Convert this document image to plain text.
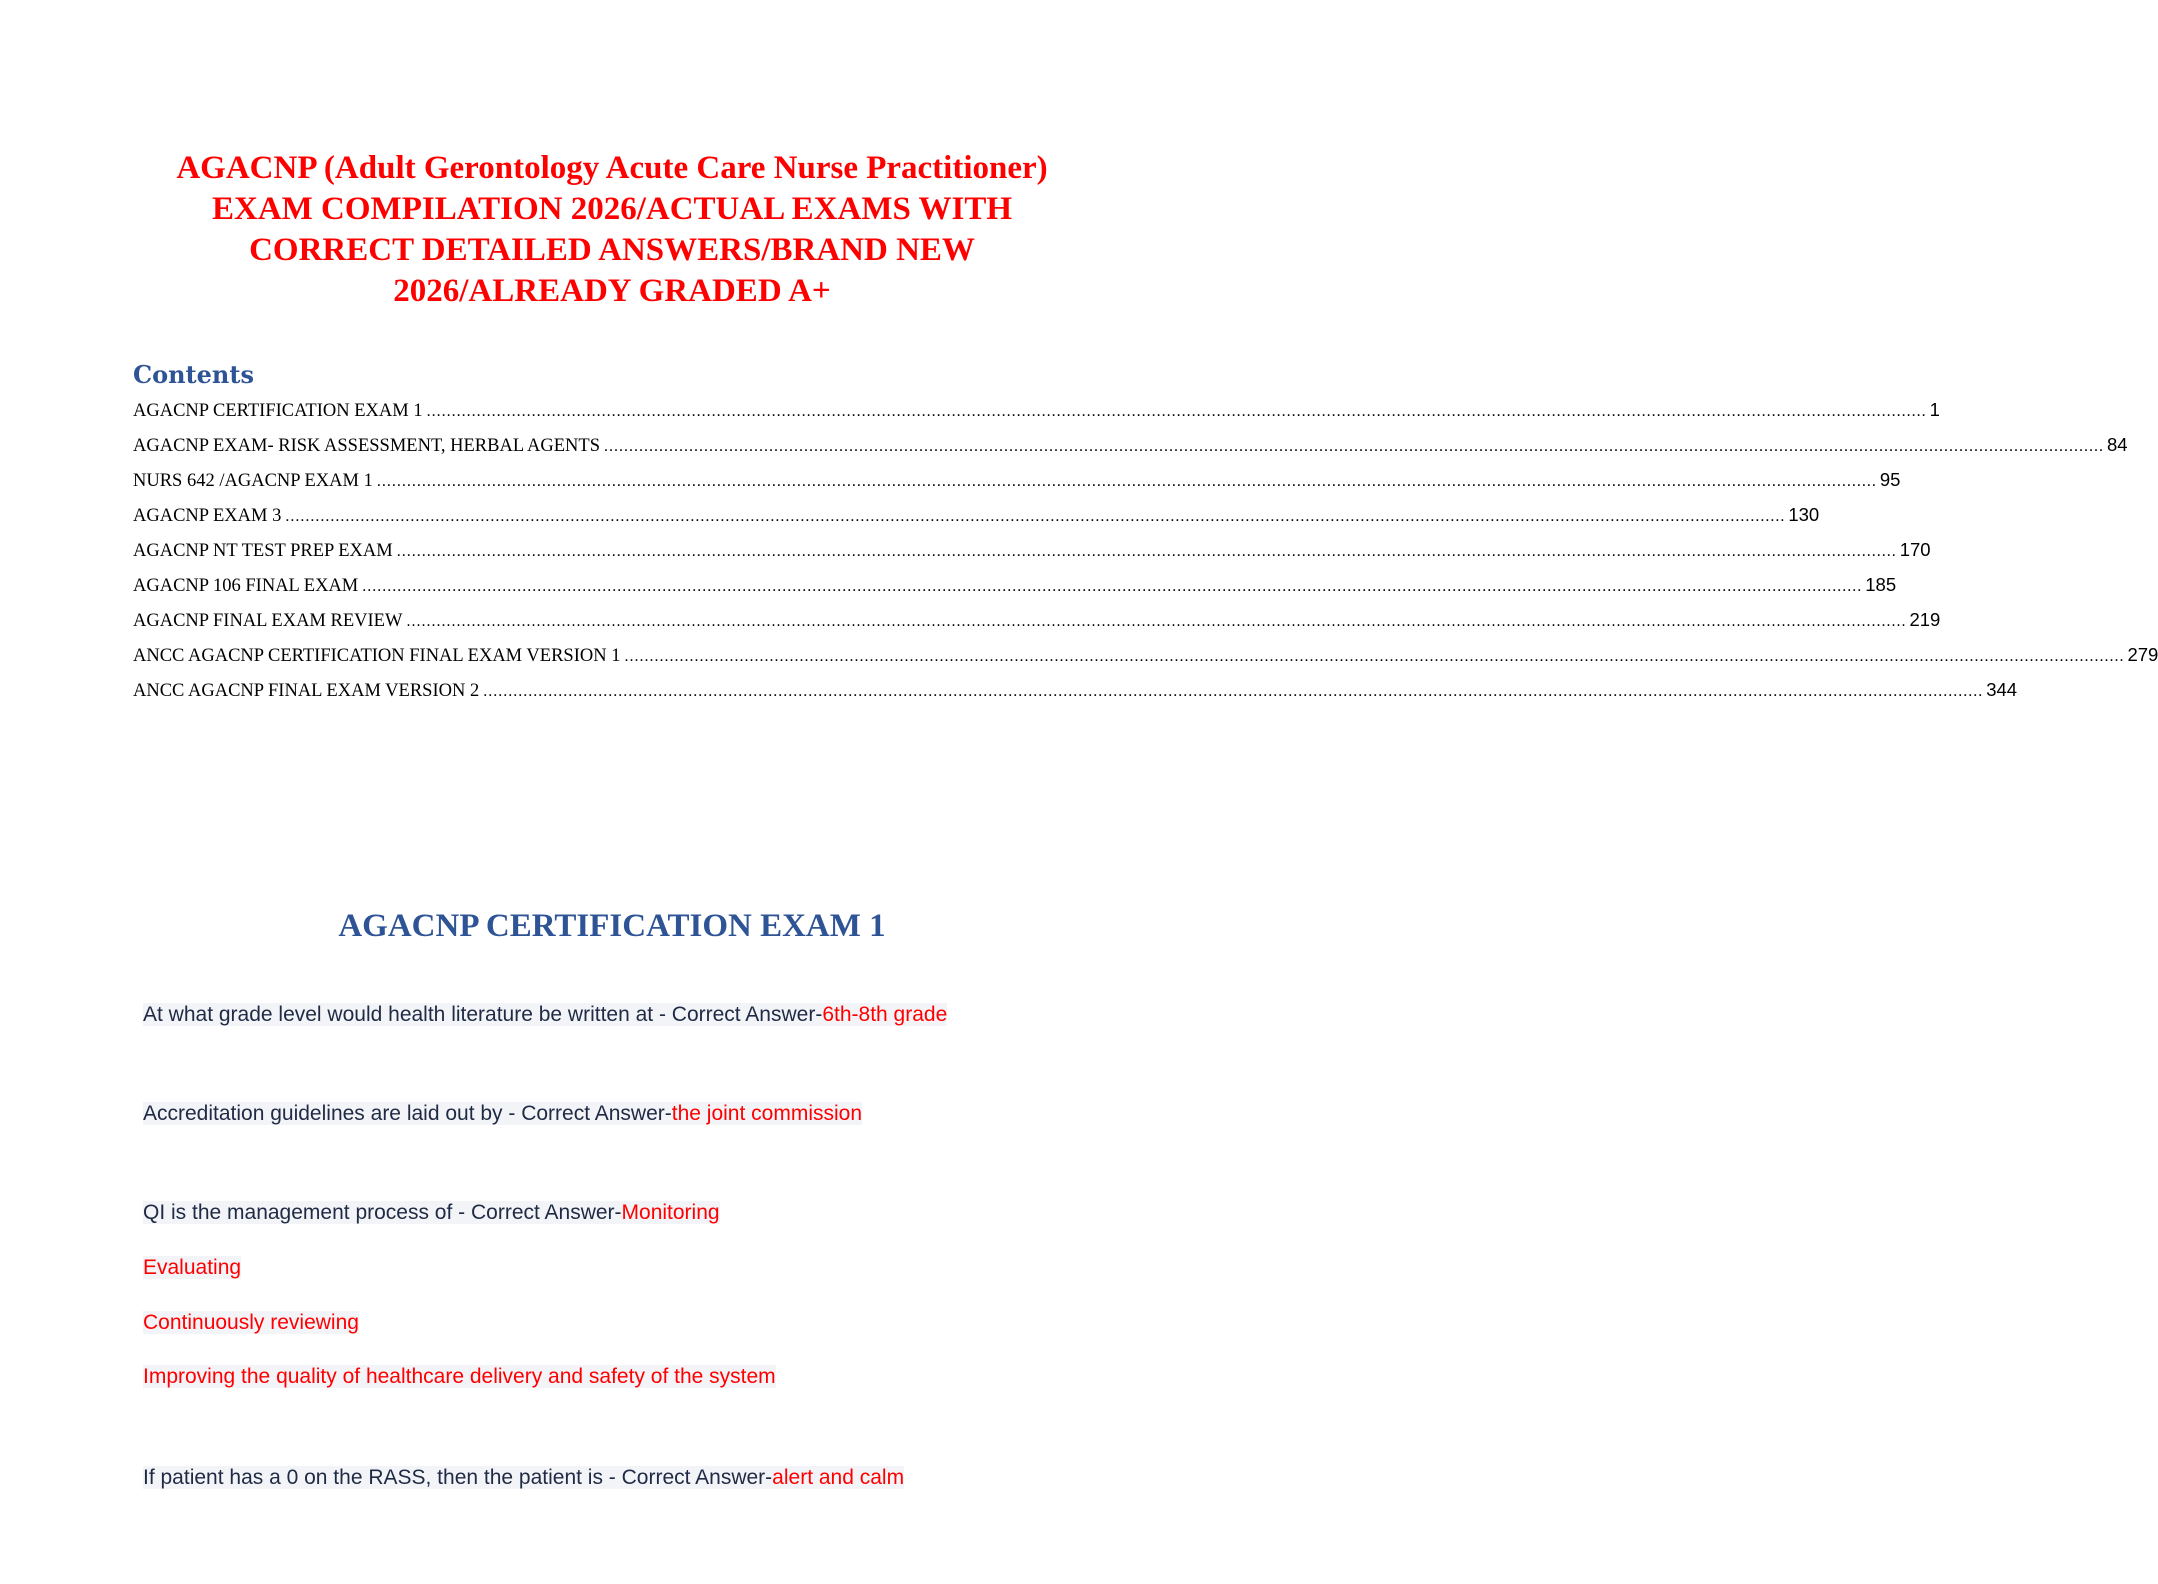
AGACNP (Adult Gerontology Acute Care Nurse Practitioner)
EXAM COMPILATION 2026/ACTUAL EXAMS WITH
CORRECT DETAILED ANSWERS/BRAND NEW
2026/ALREADY GRADED A+
Contents
AGACNP CERTIFICATION EXAM 1 ............................................................................................................................................................................................................................................................................................................ 1
AGACNP EXAM- RISK ASSESSMENT, HERBAL AGENTS ............................................................................................................................................................................................................................................................................................................ 84
NURS 642 /AGACNP EXAM 1 ............................................................................................................................................................................................................................................................................................................ 95
AGACNP EXAM 3 ............................................................................................................................................................................................................................................................................................................ 130
AGACNP NT TEST PREP EXAM ............................................................................................................................................................................................................................................................................................................ 170
AGACNP 106 FINAL EXAM ............................................................................................................................................................................................................................................................................................................ 185
AGACNP FINAL EXAM REVIEW ............................................................................................................................................................................................................................................................................................................ 219
ANCC AGACNP CERTIFICATION FINAL EXAM VERSION 1 ............................................................................................................................................................................................................................................................................................................ 279
ANCC AGACNP FINAL EXAM VERSION 2 ............................................................................................................................................................................................................................................................................................................ 344
AGACNP CERTIFICATION EXAM 1
At what grade level would health literature be written at - Correct Answer-6th-8th grade
Accreditation guidelines are laid out by - Correct Answer-the joint commission
QI is the management process of - Correct Answer-Monitoring
Evaluating
Continuously reviewing
Improving the quality of healthcare delivery and safety of the system
If patient has a 0 on the RASS, then the patient is - Correct Answer-alert and calm
